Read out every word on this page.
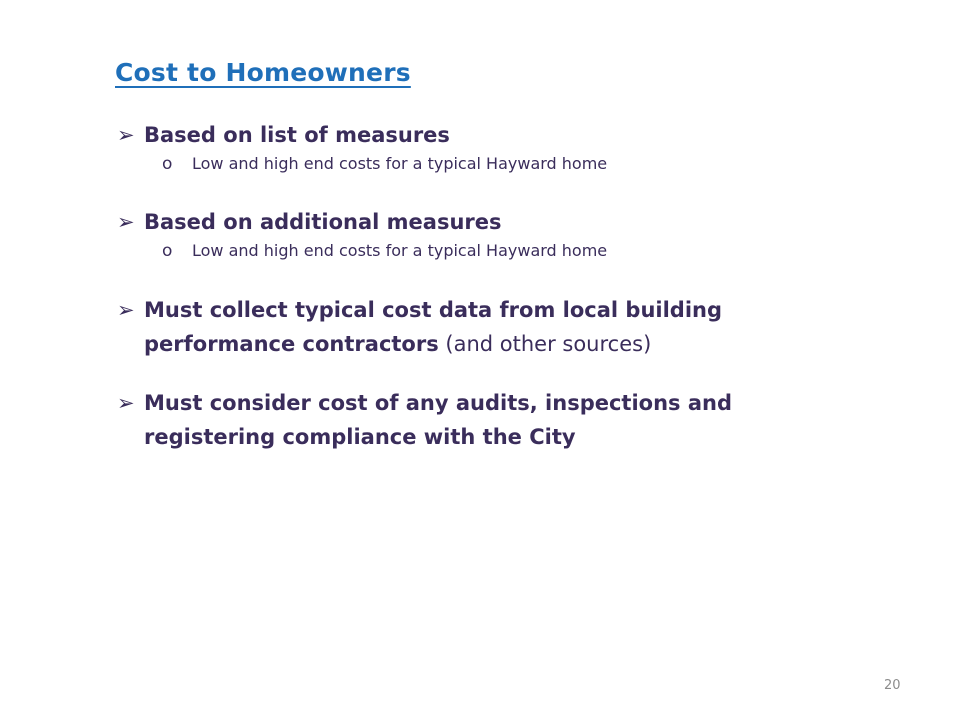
Cost to Homeowners
➢ Based on list of measures
o	Low and high end costs for a typical Hayward home
➢ Based on additional measures
o	Low and high end costs for a typical Hayward home
➢ Must collect typical cost data from local building performance contractors (and other sources)
➢ Must consider cost of any audits, inspections and registering compliance with the City
20
